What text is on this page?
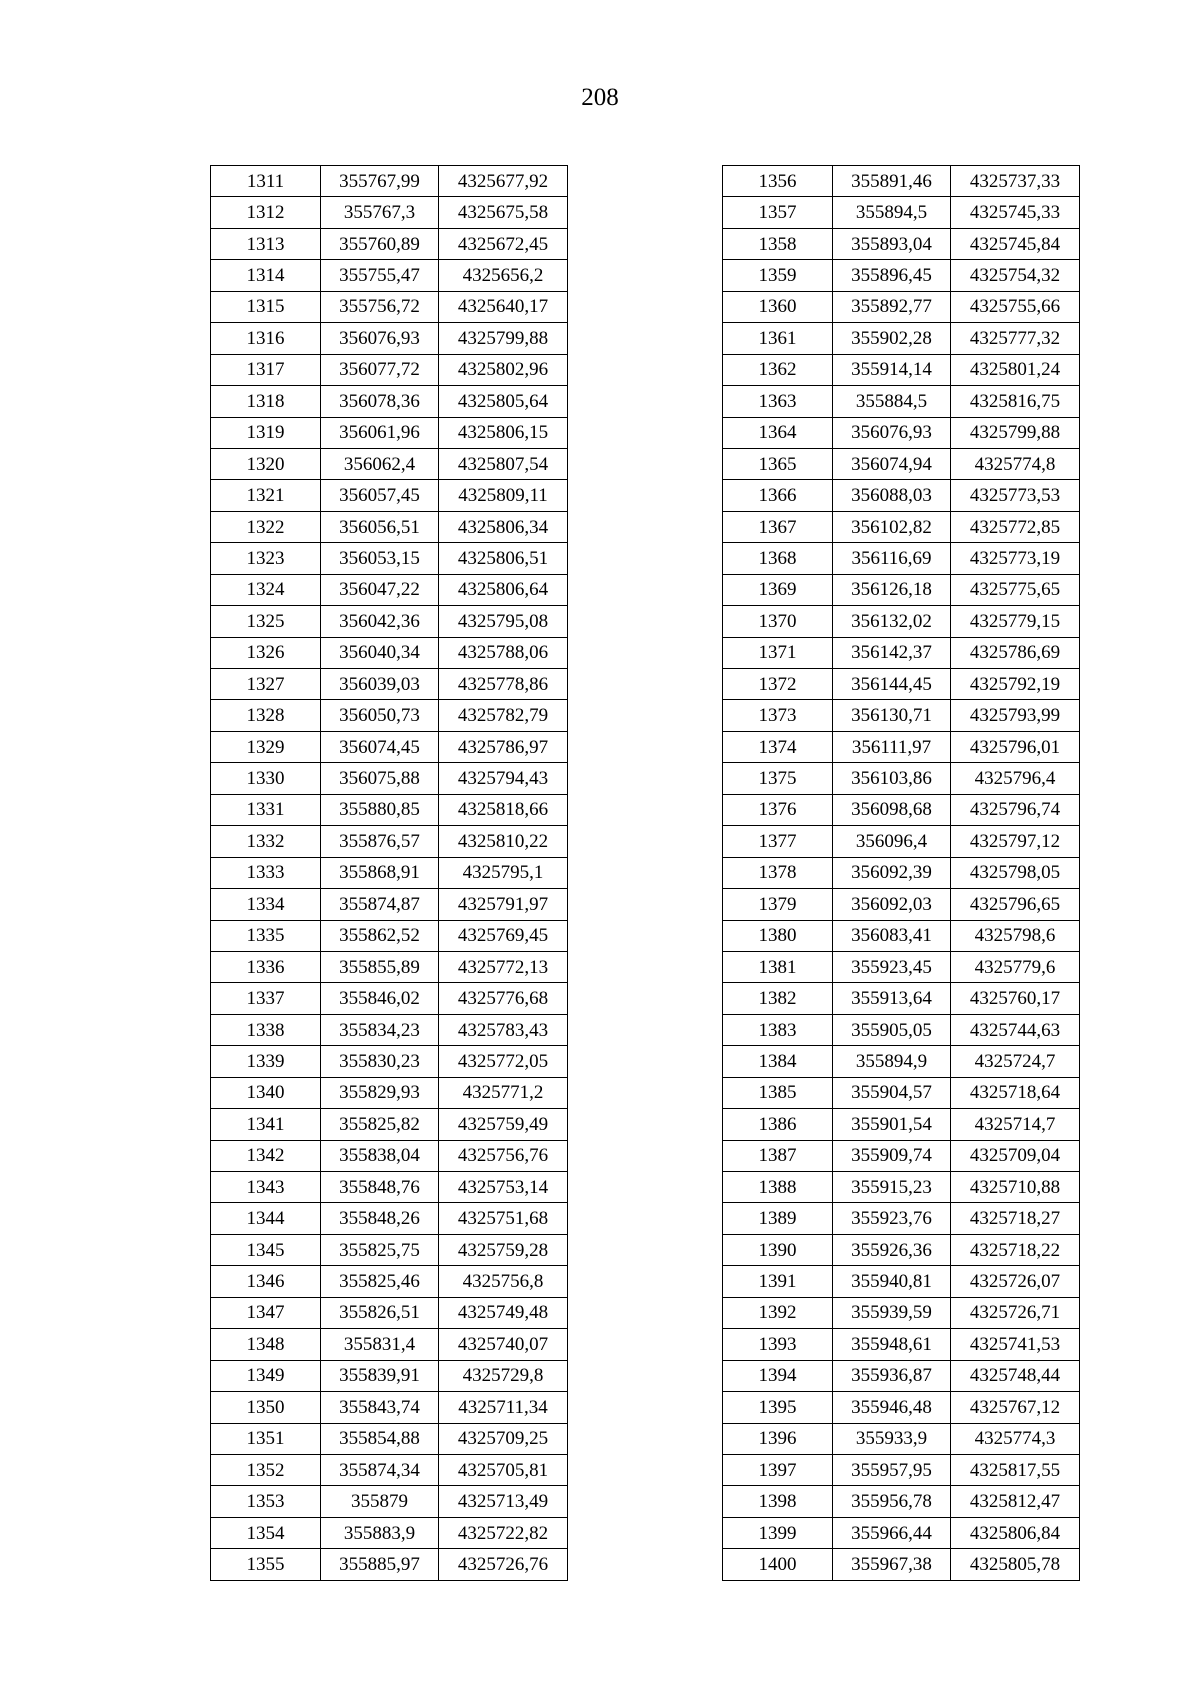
208
1311	355767,99	4325677,92
1312	355767,3	4325675,58
1313	355760,89	4325672,45
1314	355755,47	4325656,2
1315	355756,72	4325640,17
1316	356076,93	4325799,88
1317	356077,72	4325802,96
1318	356078,36	4325805,64
1319	356061,96	4325806,15
1320	356062,4	4325807,54
1321	356057,45	4325809,11
1322	356056,51	4325806,34
1323	356053,15	4325806,51
1324	356047,22	4325806,64
1325	356042,36	4325795,08
1326	356040,34	4325788,06
1327	356039,03	4325778,86
1328	356050,73	4325782,79
1329	356074,45	4325786,97
1330	356075,88	4325794,43
1331	355880,85	4325818,66
1332	355876,57	4325810,22
1333	355868,91	4325795,1
1334	355874,87	4325791,97
1335	355862,52	4325769,45
1336	355855,89	4325772,13
1337	355846,02	4325776,68
1338	355834,23	4325783,43
1339	355830,23	4325772,05
1340	355829,93	4325771,2
1341	355825,82	4325759,49
1342	355838,04	4325756,76
1343	355848,76	4325753,14
1344	355848,26	4325751,68
1345	355825,75	4325759,28
1346	355825,46	4325756,8
1347	355826,51	4325749,48
1348	355831,4	4325740,07
1349	355839,91	4325729,8
1350	355843,74	4325711,34
1351	355854,88	4325709,25
1352	355874,34	4325705,81
1353	355879	4325713,49
1354	355883,9	4325722,82
1355	355885,97	4325726,76
1356	355891,46	4325737,33
1357	355894,5	4325745,33
1358	355893,04	4325745,84
1359	355896,45	4325754,32
1360	355892,77	4325755,66
1361	355902,28	4325777,32
1362	355914,14	4325801,24
1363	355884,5	4325816,75
1364	356076,93	4325799,88
1365	356074,94	4325774,8
1366	356088,03	4325773,53
1367	356102,82	4325772,85
1368	356116,69	4325773,19
1369	356126,18	4325775,65
1370	356132,02	4325779,15
1371	356142,37	4325786,69
1372	356144,45	4325792,19
1373	356130,71	4325793,99
1374	356111,97	4325796,01
1375	356103,86	4325796,4
1376	356098,68	4325796,74
1377	356096,4	4325797,12
1378	356092,39	4325798,05
1379	356092,03	4325796,65
1380	356083,41	4325798,6
1381	355923,45	4325779,6
1382	355913,64	4325760,17
1383	355905,05	4325744,63
1384	355894,9	4325724,7
1385	355904,57	4325718,64
1386	355901,54	4325714,7
1387	355909,74	4325709,04
1388	355915,23	4325710,88
1389	355923,76	4325718,27
1390	355926,36	4325718,22
1391	355940,81	4325726,07
1392	355939,59	4325726,71
1393	355948,61	4325741,53
1394	355936,87	4325748,44
1395	355946,48	4325767,12
1396	355933,9	4325774,3
1397	355957,95	4325817,55
1398	355956,78	4325812,47
1399	355966,44	4325806,84
1400	355967,38	4325805,78
